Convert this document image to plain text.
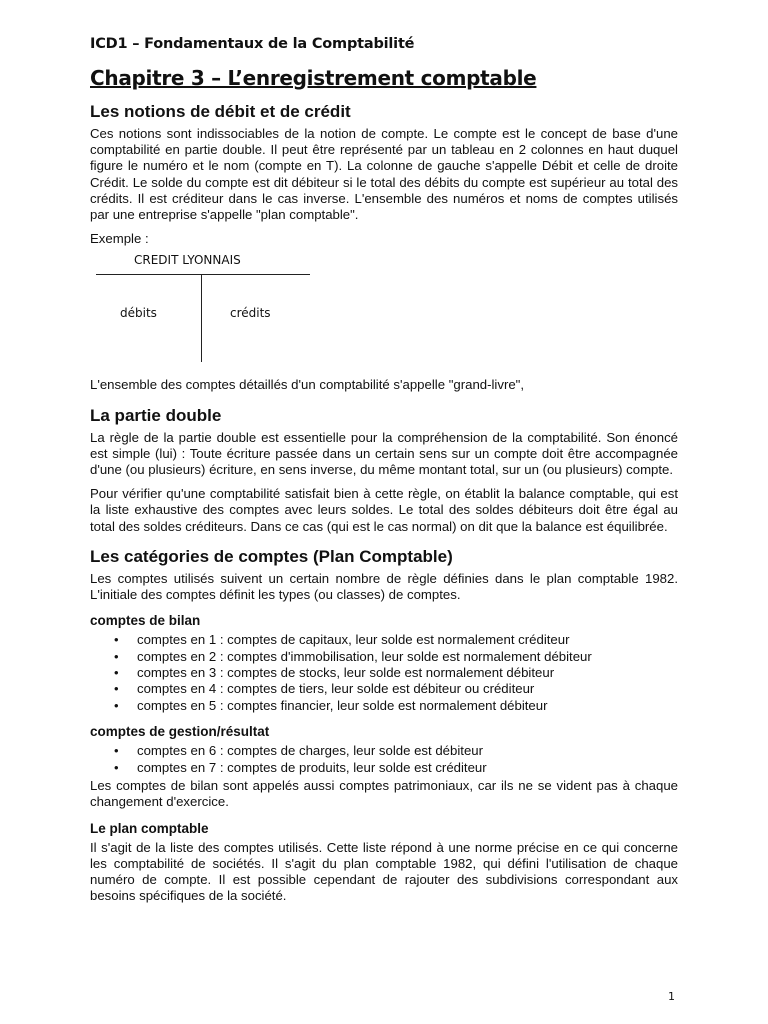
ICD1 – Fondamentaux de la Comptabilité
Chapitre 3 – L’enregistrement comptable
Les notions de débit et de crédit

Ces notions sont indissociables de la notion de compte. Le compte est le concept de base d'une comptabilité en partie double. Il peut être représenté par un tableau en 2 colonnes en haut duquel figure le numéro et le nom (compte en T). La colonne de gauche s'appelle Débit et celle de droite Crédit. Le solde du compte est dit débiteur si le total des débits du compte est supérieur au total des crédits. Il est créditeur dans le cas inverse. L'ensemble des numéros et noms de comptes utilisés par une entreprise s'appelle "plan comptable".

Exemple :

CREDIT LYONNAIS
débits	crédits

L'ensemble des comptes détaillés d'un comptabilité s'appelle "grand-livre",

La partie double

La règle de la partie double est essentielle pour la compréhension de la comptabilité. Son énoncé est simple (lui) : Toute écriture passée dans un certain sens sur un compte doit être accompagnée d'une (ou plusieurs) écriture, en sens inverse, du même montant total, sur un (ou plusieurs) compte.

Pour vérifier qu'une comptabilité satisfait bien à cette règle, on établit la balance comptable, qui est la liste exhaustive des comptes avec leurs soldes. Le total des soldes débiteurs doit être égal au total des soldes créditeurs. Dans ce cas (qui est le cas normal) on dit que la balance est équilibrée.

Les catégories de comptes (Plan Comptable)

Les comptes utilisés suivent un certain nombre de règle définies dans le plan comptable 1982. L'initiale des comptes définit les types (ou classes) de comptes.

comptes de bilan
• comptes en 1 : comptes de capitaux, leur solde est normalement créditeur
• comptes en 2 : comptes d'immobilisation, leur solde est normalement débiteur
• comptes en 3 : comptes de stocks, leur solde est normalement débiteur
• comptes en 4 : comptes de tiers, leur solde est débiteur ou créditeur
• comptes en 5 : comptes financier, leur solde est normalement débiteur
comptes de gestion/résultat
• comptes en 6 : comptes de charges, leur solde est débiteur
• comptes en 7 : comptes de produits, leur solde est créditeur

Les comptes de bilan sont appelés aussi comptes patrimoniaux, car ils ne se vident pas à chaque changement d'exercice.

Le plan comptable

Il s'agit de la liste des comptes utilisés. Cette liste répond à une norme précise en ce qui concerne les comptabilité de sociétés. Il s'agit du plan comptable 1982, qui défini l'utilisation de chaque numéro de compte. Il est possible cependant de rajouter des subdivisions correspondant aux besoins spécifiques de la société.

1
